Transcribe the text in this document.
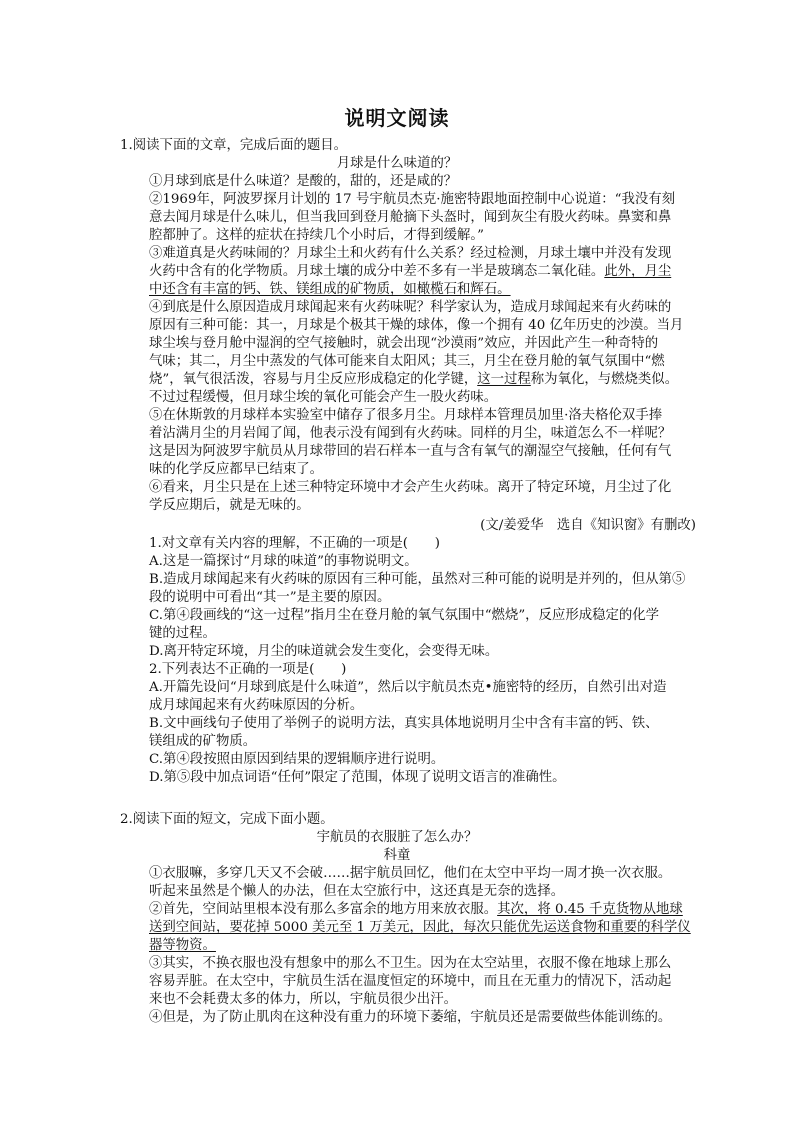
说明文阅读
1.阅读下面的文章，完成后面的题目。
月球是什么味道的？
①月球到底是什么味道？是酸的，甜的，还是咸的？
②1969年，阿波罗探月计划的 17 号宇航员杰克·施密特跟地面控制中心说道：“我没有刻
意去闻月球是什么味儿，但当我回到登月舱摘下头盔时，闻到灰尘有股火药味。鼻窦和鼻
腔都肿了。这样的症状在持续几个小时后，才得到缓解。”
③难道真是火药味闹的？月球尘土和火药有什么关系？经过检测，月球土壤中并没有发现
火药中含有的化学物质。月球土壤的成分中差不多有一半是玻璃态二氧化硅。此外，月尘
中还含有丰富的钙、铁、镁组成的矿物质，如橄榄石和辉石。
④到底是什么原因造成月球闻起来有火药味呢？科学家认为，造成月球闻起来有火药味的
原因有三种可能：其一，月球是个极其干燥的球体，像一个拥有 40 亿年历史的沙漠。当月
球尘埃与登月舱中湿润的空气接触时，就会出现“沙漠雨”效应，并因此产生一种奇特的
气味；其二，月尘中蒸发的气体可能来自太阳风；其三，月尘在登月舱的氧气氛围中“燃
烧”，氧气很活泼，容易与月尘反应形成稳定的化学键，这一过程称为氧化，与燃烧类似。
不过过程缓慢，但月球尘埃的氧化可能会产生一股火药味。
⑤在休斯敦的月球样本实验室中储存了很多月尘。月球样本管理员加里·洛夫格伦双手捧
着沾满月尘的月岩闻了闻，他表示没有闻到有火药味。同样的月尘，味道怎么不一样呢？
这是因为阿波罗宇航员从月球带回的岩石样本一直与含有氧气的潮湿空气接触，任何有气
味的化学反应都早已结束了。
⑥看来，月尘只是在上述三种特定环境中才会产生火药味。离开了特定环境，月尘过了化
学反应期后，就是无味的。
(文/姜爱华　选自《知识窗》有删改)
1.对文章有关内容的理解，不正确的一项是(　　)
A.这是一篇探讨“月球的味道”的事物说明文。
B.造成月球闻起来有火药味的原因有三种可能，虽然对三种可能的说明是并列的，但从第⑤
段的说明中可看出“其一”是主要的原因。
C.第④段画线的“这一过程”指月尘在登月舱的氧气氛围中“燃烧”，反应形成稳定的化学
键的过程。
D.离开特定环境，月尘的味道就会发生变化，会变得无味。
2.下列表达不正确的一项是(　　)
A.开篇先设问“月球到底是什么味道”，然后以宇航员杰克•施密特的经历，自然引出对造
成月球闻起来有火药味原因的分析。
B.文中画线句子使用了举例子的说明方法，真实具体地说明月尘中含有丰富的钙、铁、
镁组成的矿物质。
C.第④段按照由原因到结果的逻辑顺序进行说明。
D.第⑤段中加点词语“任何”限定了范围，体现了说明文语言的准确性。
2.阅读下面的短文，完成下面小题。
宇航员的衣服脏了怎么办？
科童
①衣服嘛，多穿几天又不会破……据宇航员回忆，他们在太空中平均一周才换一次衣服。
听起来虽然是个懒人的办法，但在太空旅行中，这还真是无奈的选择。
②首先，空间站里根本没有那么多富余的地方用来放衣服。其次，将 0.45 千克货物从地球
送到空间站，要花掉 5000 美元至 1 万美元，因此，每次只能优先运送食物和重要的科学仪
器等物资。
③其实，不换衣服也没有想象中的那么不卫生。因为在太空站里，衣服不像在地球上那么
容易弄脏。在太空中，宇航员生活在温度恒定的环境中，而且在无重力的情况下，活动起
来也不会耗费太多的体力，所以，宇航员很少出汗。
④但是，为了防止肌肉在这种没有重力的环境下萎缩，宇航员还是需要做些体能训练的。
